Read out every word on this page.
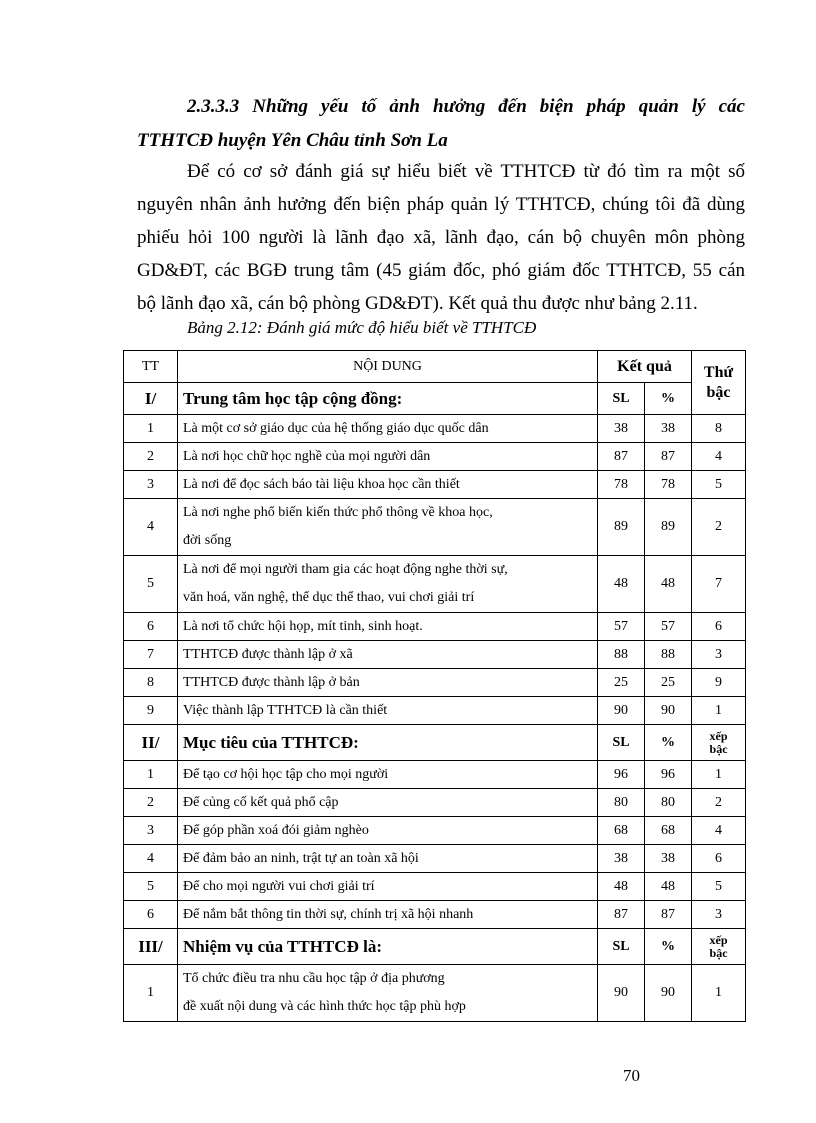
2.3.3.3 Những yếu tố ảnh hưởng đến biện pháp quản lý các
TTHTCĐ huyện Yên Châu tỉnh Sơn La
Để có cơ sở đánh giá sự hiểu biết về TTHTCĐ từ đó tìm ra một số
nguyên nhân ảnh hưởng đến biện pháp quản lý TTHTCĐ, chúng tôi đã dùng
phiếu hỏi 100 người là lãnh đạo xã, lãnh đạo, cán bộ chuyên môn phòng
GD&ĐT, các BGĐ trung tâm (45 giám đốc, phó giám đốc TTHTCĐ, 55 cán
bộ lãnh đạo xã, cán bộ phòng GD&ĐT). Kết quả thu được như bảng 2.11.

Bảng 2.12: Đánh giá mức độ hiểu biết về TTHTCĐ

TT	NỘI DUNG	Kết quả		Thứ
bậc
I/	Trung tâm học tập cộng đồng:	SL	%	
1	Là một cơ sở giáo dục của hệ thống giáo dục quốc dân	38	38	8
2	Là nơi học chữ học nghề của mọi người dân	87	87	4
3	Là nơi để đọc sách báo tài liệu khoa học cần thiết	78	78	5
4	Là nơi nghe phổ biến kiến thức phổ thông về khoa học,
đời sống	89	89	2
5	Là nơi để mọi người tham gia các hoạt động nghe thời sự,
văn hoá, văn nghệ, thể dục thể thao, vui chơi giải trí	48	48	7
6	Là nơi tổ chức hội họp, mít tinh, sinh hoạt.	57	57	6
7	TTHTCĐ được thành lập ở xã	88	88	3
8	TTHTCĐ được thành lập ở bản	25	25	9
9	Việc thành lập TTHTCĐ là cần thiết	90	90	1
II/	Mục tiêu của TTHTCĐ:	SL	%	xếp
bậc
1	Để tạo cơ hội học tập cho mọi người	96	96	1
2	Để củng cố kết quả phổ cập	80	80	2
3	Để góp phần xoá đói giảm nghèo	68	68	4
4	Để đảm bảo an ninh, trật tự an toàn xã hội	38	38	6
5	Để cho mọi người vui chơi giải trí	48	48	5
6	Để nắm bắt thông tin thời sự, chính trị xã hội nhanh	87	87	3
III/	Nhiệm vụ của TTHTCĐ là:	SL	%	xếp
bậc
1	Tổ chức điều tra nhu cầu học tập ở địa phương
đề xuất nội dung và các hình thức học tập phù hợp	90	90	1

70
